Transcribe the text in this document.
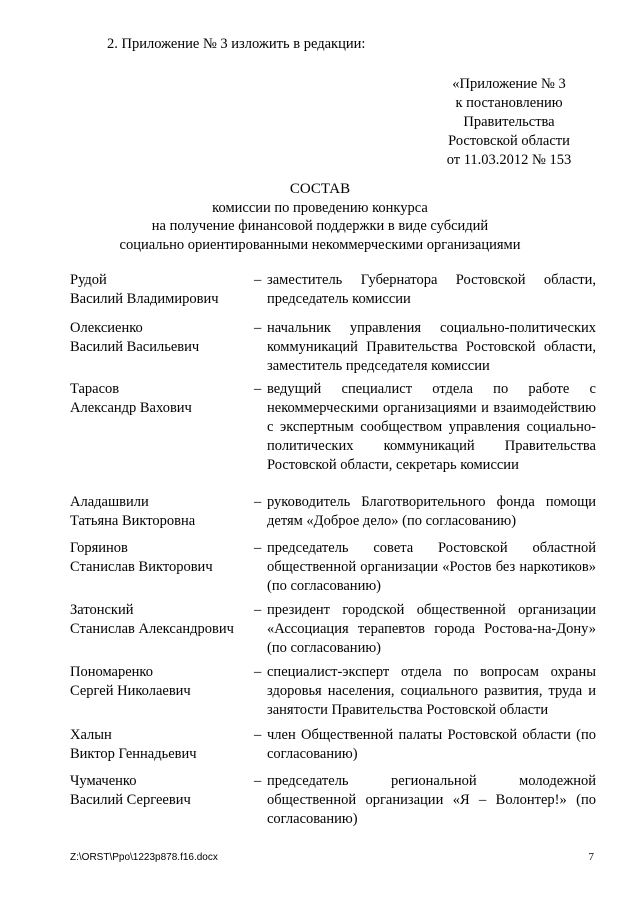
2. Приложение № 3 изложить в редакции:
«Приложение № 3
к постановлению
Правительства
Ростовской области
от 11.03.2012 № 153
СОСТАВ
комиссии по проведению конкурса
на получение финансовой поддержки в виде субсидий
социально ориентированными некоммерческими организациями
Рудой
Василий Владимирович
– заместитель Губернатора Ростовской области, председатель комиссии
Олексиенко
Василий Васильевич
– начальник управления социально-политических коммуникаций Правительства Ростовской области, заместитель председателя комиссии
Тарасов
Александр Вахович
– ведущий специалист отдела по работе с некоммерческими организациями и взаимодействию с экспертным сообществом управления социально-политических коммуникаций Правительства Ростовской области, секретарь комиссии
Аладашвили
Татьяна Викторовна
– руководитель Благотворительного фонда помощи детям «Доброе дело» (по согласованию)
Горяинов
Станислав Викторович
– председатель совета Ростовской областной общественной организации «Ростов без наркотиков» (по согласованию)
Затонский
Станислав Александрович
– президент городской общественной организации «Ассоциация терапевтов города Ростова-на-Дону» (по согласованию)
Пономаренко
Сергей Николаевич
– специалист-эксперт отдела по вопросам охраны здоровья населения, социального развития, труда и занятости Правительства Ростовской области
Халын
Виктор Геннадьевич
– член Общественной палаты Ростовской области (по согласованию)
Чумаченко
Василий Сергеевич
– председатель региональной молодежной общественной организации «Я – Волонтер!» (по согласованию)
Z:\ORST\Ppo\1223p878.f16.docx	7
